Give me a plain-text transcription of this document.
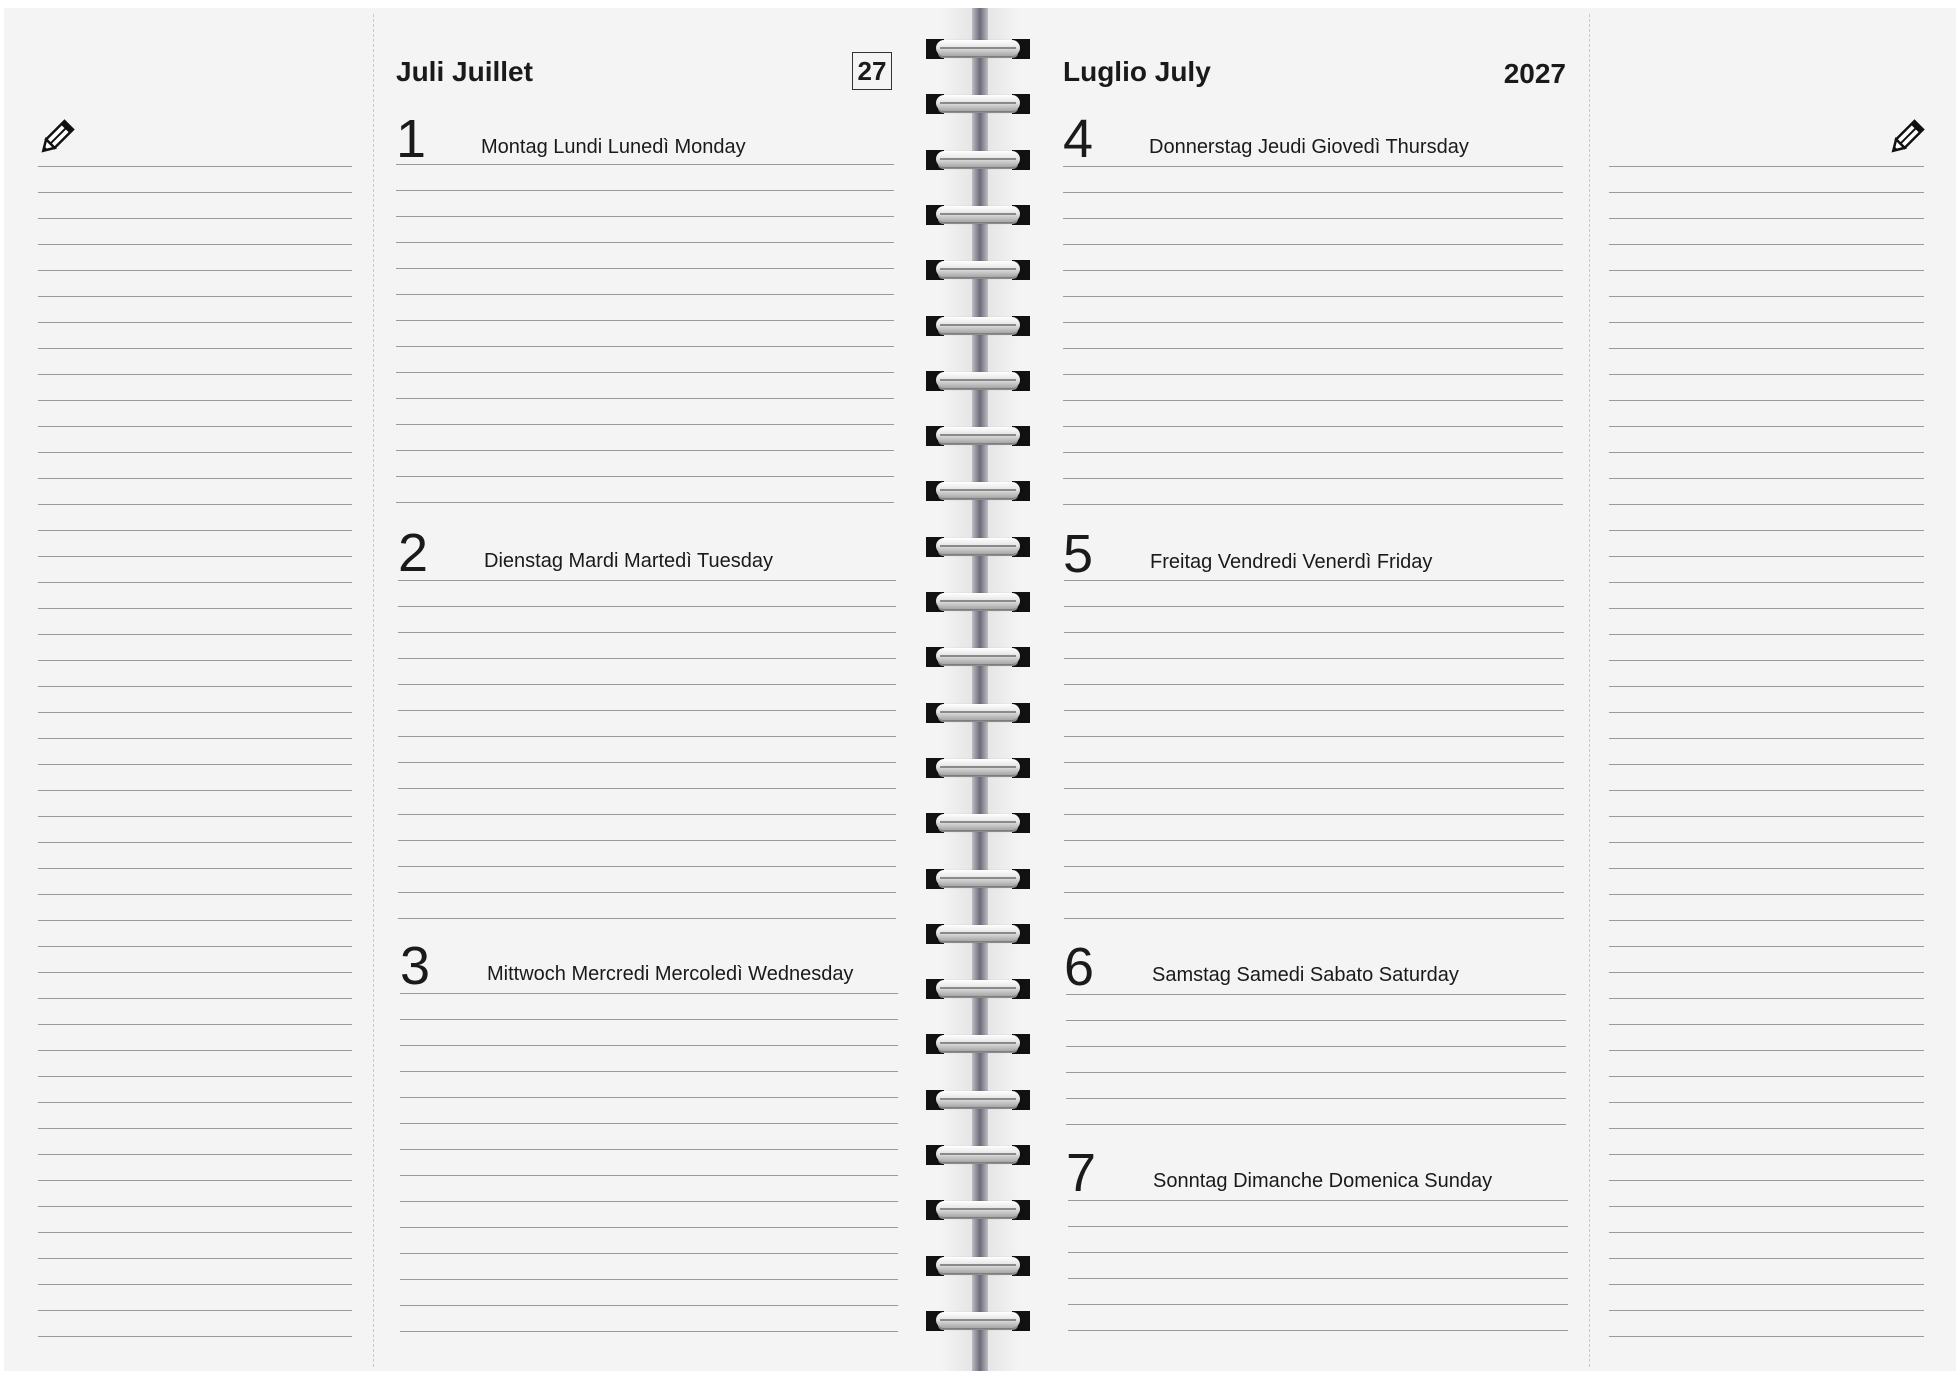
Juli Juillet	27	Luglio July	2027
1	Montag Lundi Lunedì Monday
2	Dienstag Mardi Martedì Tuesday
3	Mittwoch Mercredi Mercoledì Wednesday
4	Donnerstag Jeudi Giovedì Thursday
5	Freitag Vendredi Venerdì Friday
6	Samstag Samedi Sabato Saturday
7	Sonntag Dimanche Domenica Sunday
